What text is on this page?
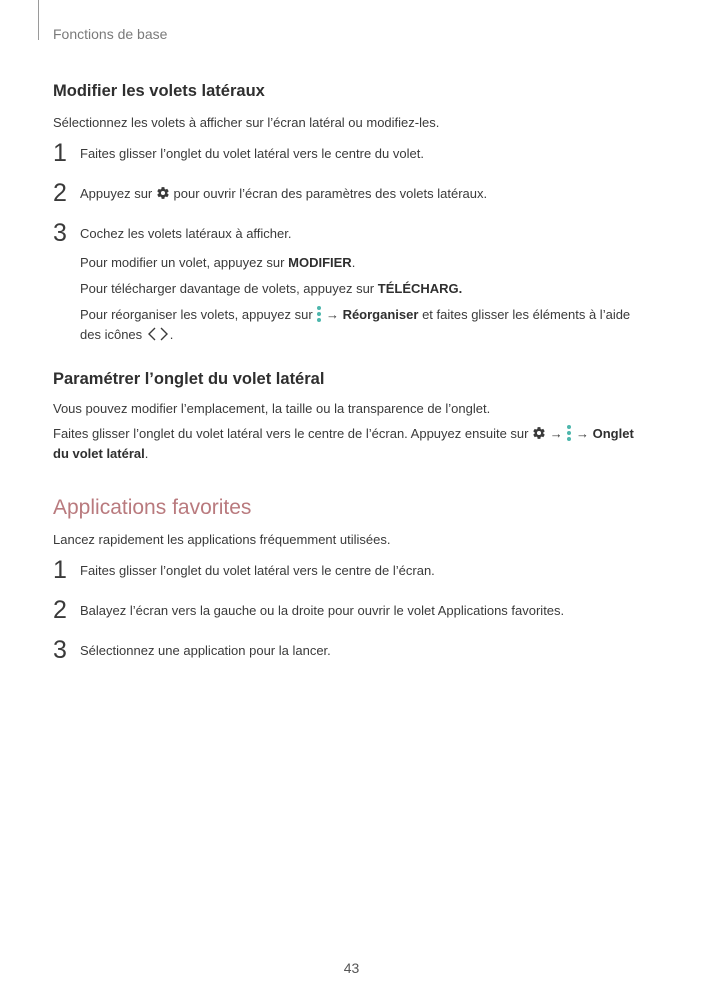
Fonctions de base
Modifier les volets latéraux

Sélectionnez les volets à afficher sur l’écran latéral ou modifiez-les.

1	Faites glisser l’onglet du volet latéral vers le centre du volet.
2	Appuyez sur pour ouvrir l’écran des paramètres des volets latéraux.
3	Cochez les volets latéraux à afficher.

Pour modifier un volet, appuyez sur MODIFIER.

Pour télécharger davantage de volets, appuyez sur TÉLÉCHARG.

Pour réorganiser les volets, appuyez sur → Réorganiser et faites glisser les éléments à l’aide des icônes .

Paramétrer l’onglet du volet latéral

Vous pouvez modifier l’emplacement, la taille ou la transparence de l’onglet.

Faites glisser l’onglet du volet latéral vers le centre de l’écran. Appuyez ensuite sur → → Onglet du volet latéral.

Applications favorites

Lancez rapidement les applications fréquemment utilisées.

1	Faites glisser l’onglet du volet latéral vers le centre de l’écran.
2	Balayez l’écran vers la gauche ou la droite pour ouvrir le volet Applications favorites.
3	Sélectionnez une application pour la lancer.
43
